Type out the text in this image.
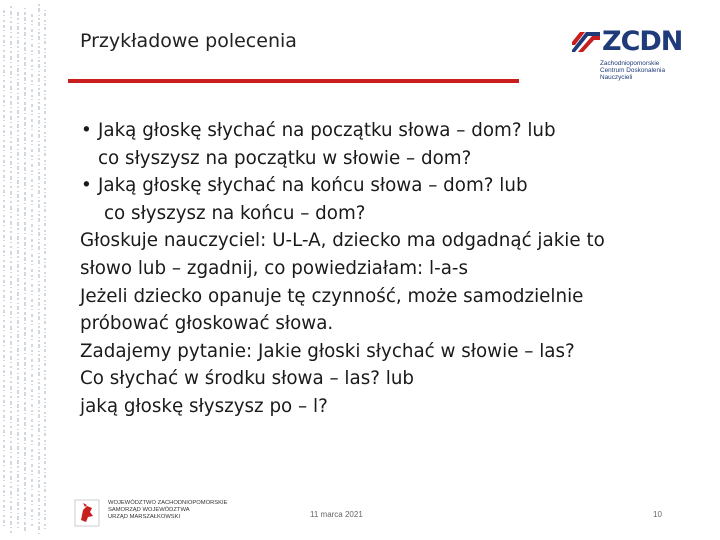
Przykładowe polecenia	ZCDN
Zachodniopomorskie
Centrum Doskonalenia Nauczycieli
• Jaką głoskę słychać na początku słowa – dom? lub
co słyszysz na początku w słowie – dom?
• Jaką głoskę słychać na końcu słowa – dom? lub
co słyszysz na końcu – dom?
Głoskuje nauczyciel: U-L-A, dziecko ma odgadnąć jakie to
słowo lub – zgadnij, co powiedziałam: l-a-s
Jeżeli dziecko opanuje tę czynność, może samodzielnie
próbować głoskować słowa.
Zadajemy pytanie: Jakie głoski słychać w słowie – las?
Co słychać w środku słowa – las? lub
jaką głoskę słyszysz po – l?
WOJEWÓDZTWO ZACHODNIOPOMORSKIE
SAMORZĄD WOJEWÓDZTWA
URZĄD MARSZAŁKOWSKI	11 marca 2021	10
